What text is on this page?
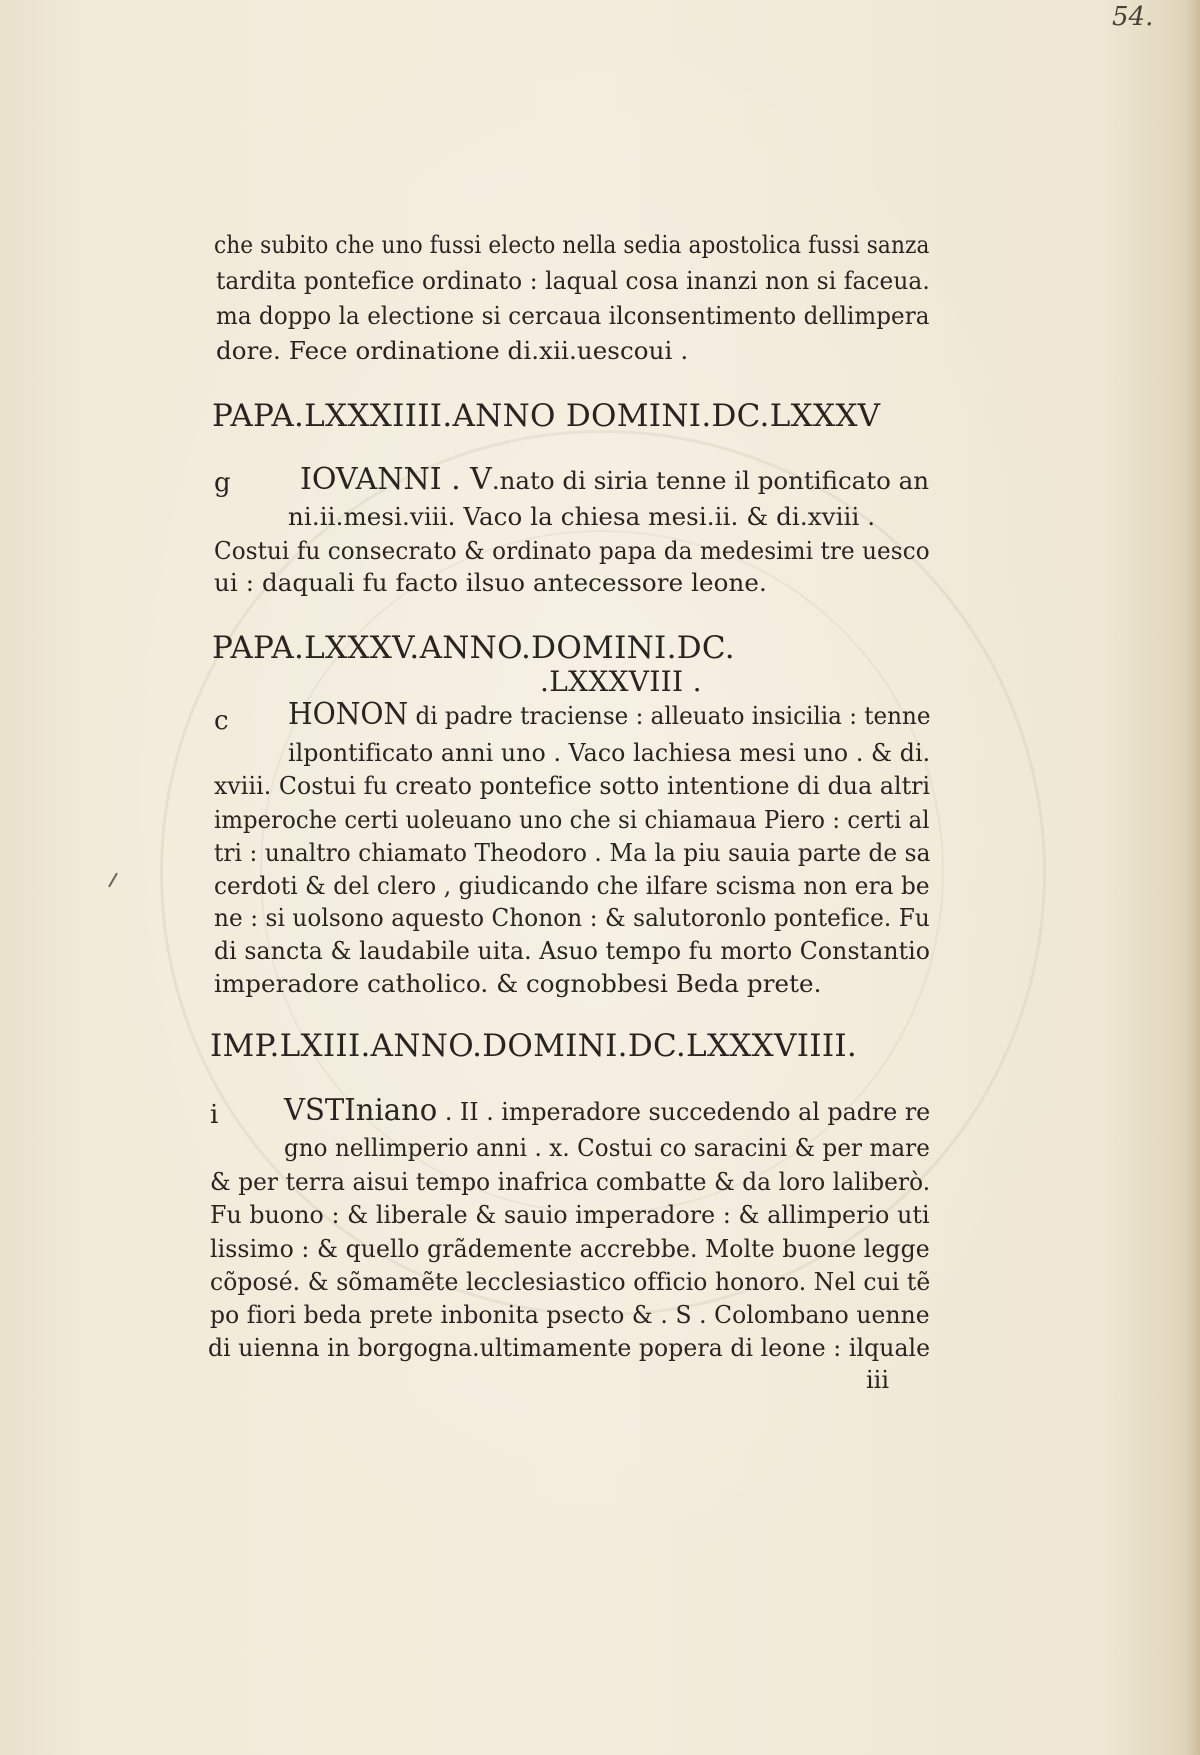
54.
che subito che uno fussi electo nella sedia apostolica fussi sanza
tardita pontefice ordinato : laqual cosa inanzi non si faceua.
ma doppo la electione si cercaua ilconsentimento dellimpera
dore. Fece ordinatione di.xii.uescoui .
PAPA.LXXXIIII.ANNO DOMINI.DC.LXXXV
g IOVANNI . V.nato di siria tenne il pontificato an
ni.ii.mesi.viii. Vaco la chiesa mesi.ii. & di.xviii .
Costui fu consecrato & ordinato papa da medesimi tre uesco
ui : daquali fu facto ilsuo antecessore leone.
PAPA.LXXXV.ANNO.DOMINI.DC.
.LXXXVIII .
c HONON di padre traciense : alleuato insicilia : tenne
ilpontificato anni uno . Vaco lachiesa mesi uno . & di.
xviii. Costui fu creato pontefice sotto intentione di dua altri
imperoche certi uoleuano uno che si chiamaua Piero : certi al
tri : unaltro chiamato Theodoro . Ma la piu sauia parte de sa
cerdoti & del clero , giudicando che ilfare scisma non era be
ne : si uolsono aquesto Chonon : & salutoronlo pontefice. Fu
di sancta & laudabile uita. Asuo tempo fu morto Constantio
imperadore catholico. & cognobbesi Beda prete.
IMP.LXIII.ANNO.DOMINI.DC.LXXXVIIII.
i VSTIniano . II . imperadore succedendo al padre re
gno nellimperio anni . x. Costui co saracini & per mare
& per terra aisui tempo inafrica combatte & da loro laliberò.
Fu buono : & liberale & sauio imperadore : & allimperio uti
lissimo : & quello grãdemente accrebbe. Molte buone legge
cõposé. & sõmamẽte lecclesiastico officio honoro. Nel cui tẽ
po fiori beda prete inbonita psecto & . S . Colombano uenne
di uienna in borgogna.ultimamente popera di leone : ilquale
iii
